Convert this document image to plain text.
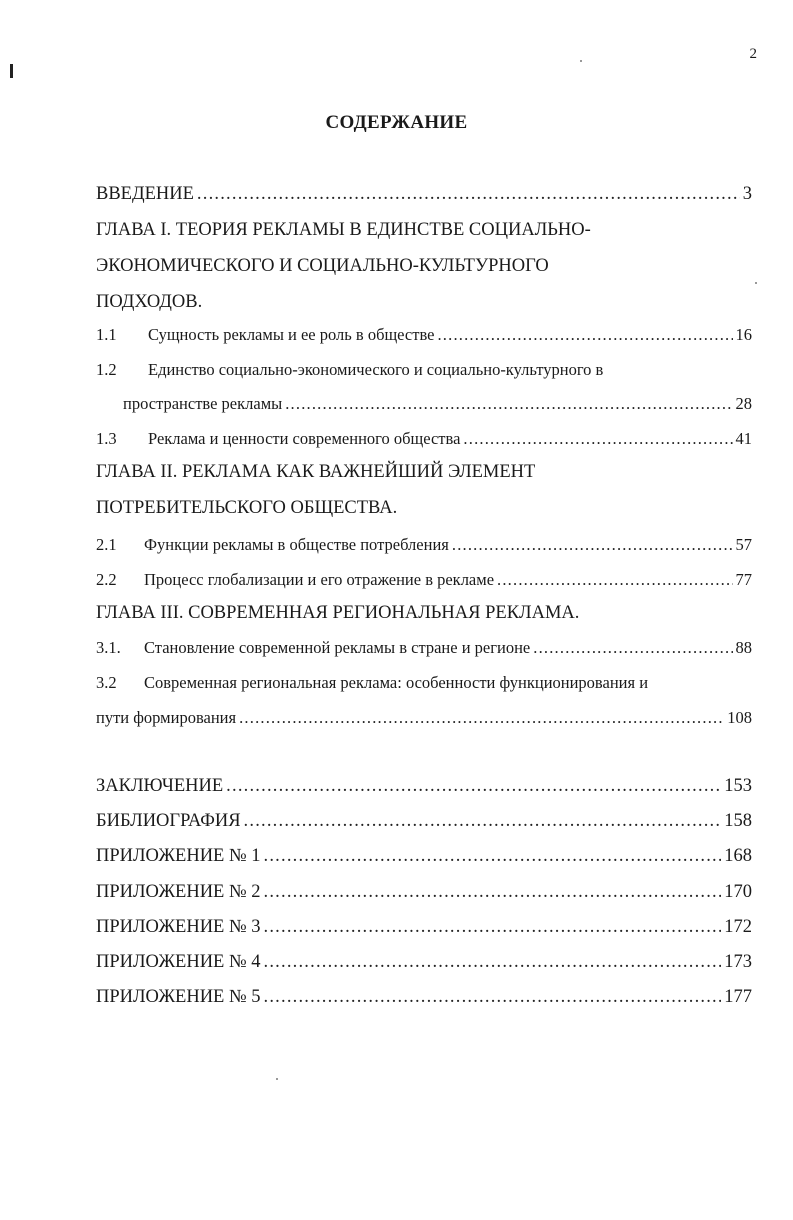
2
СОДЕРЖАНИЕ
ВВЕДЕНИЕ .....	3
ГЛАВА I. ТЕОРИЯ РЕКЛАМЫ В ЕДИНСТВЕ СОЦИАЛЬНО-
ЭКОНОМИЧЕСКОГО И СОЦИАЛЬНО-КУЛЬТУРНОГО
ПОДХОДОВ.
1.1	Сущность рекламы и ее роль в обществе .....	16
1.2	Единство социально-экономического и социально-культурного в
пространстве рекламы .....	28
1.3	Реклама и ценности современного общества .....	41
ГЛАВА II. РЕКЛАМА КАК ВАЖНЕЙШИЙ ЭЛЕМЕНТ
ПОТРЕБИТЕЛЬСКОГО ОБЩЕСТВА.
2.1	Функции рекламы в обществе потребления .....	57
2.2	Процесс глобализации и его отражение в рекламе .....	77
ГЛАВА III. СОВРЕМЕННАЯ РЕГИОНАЛЬНАЯ РЕКЛАМА.
3.1.	Становление современной рекламы в стране и регионе .....	88
3.2	Современная региональная реклама: особенности функционирования и
пути формирования .....	108
ЗАКЛЮЧЕНИЕ .....	153
БИБЛИОГРАФИЯ .....	158
ПРИЛОЖЕНИЕ № 1 .....	168
ПРИЛОЖЕНИЕ № 2 .....	170
ПРИЛОЖЕНИЕ № 3 .....	172
ПРИЛОЖЕНИЕ № 4 .....	173
ПРИЛОЖЕНИЕ № 5 .....	177
